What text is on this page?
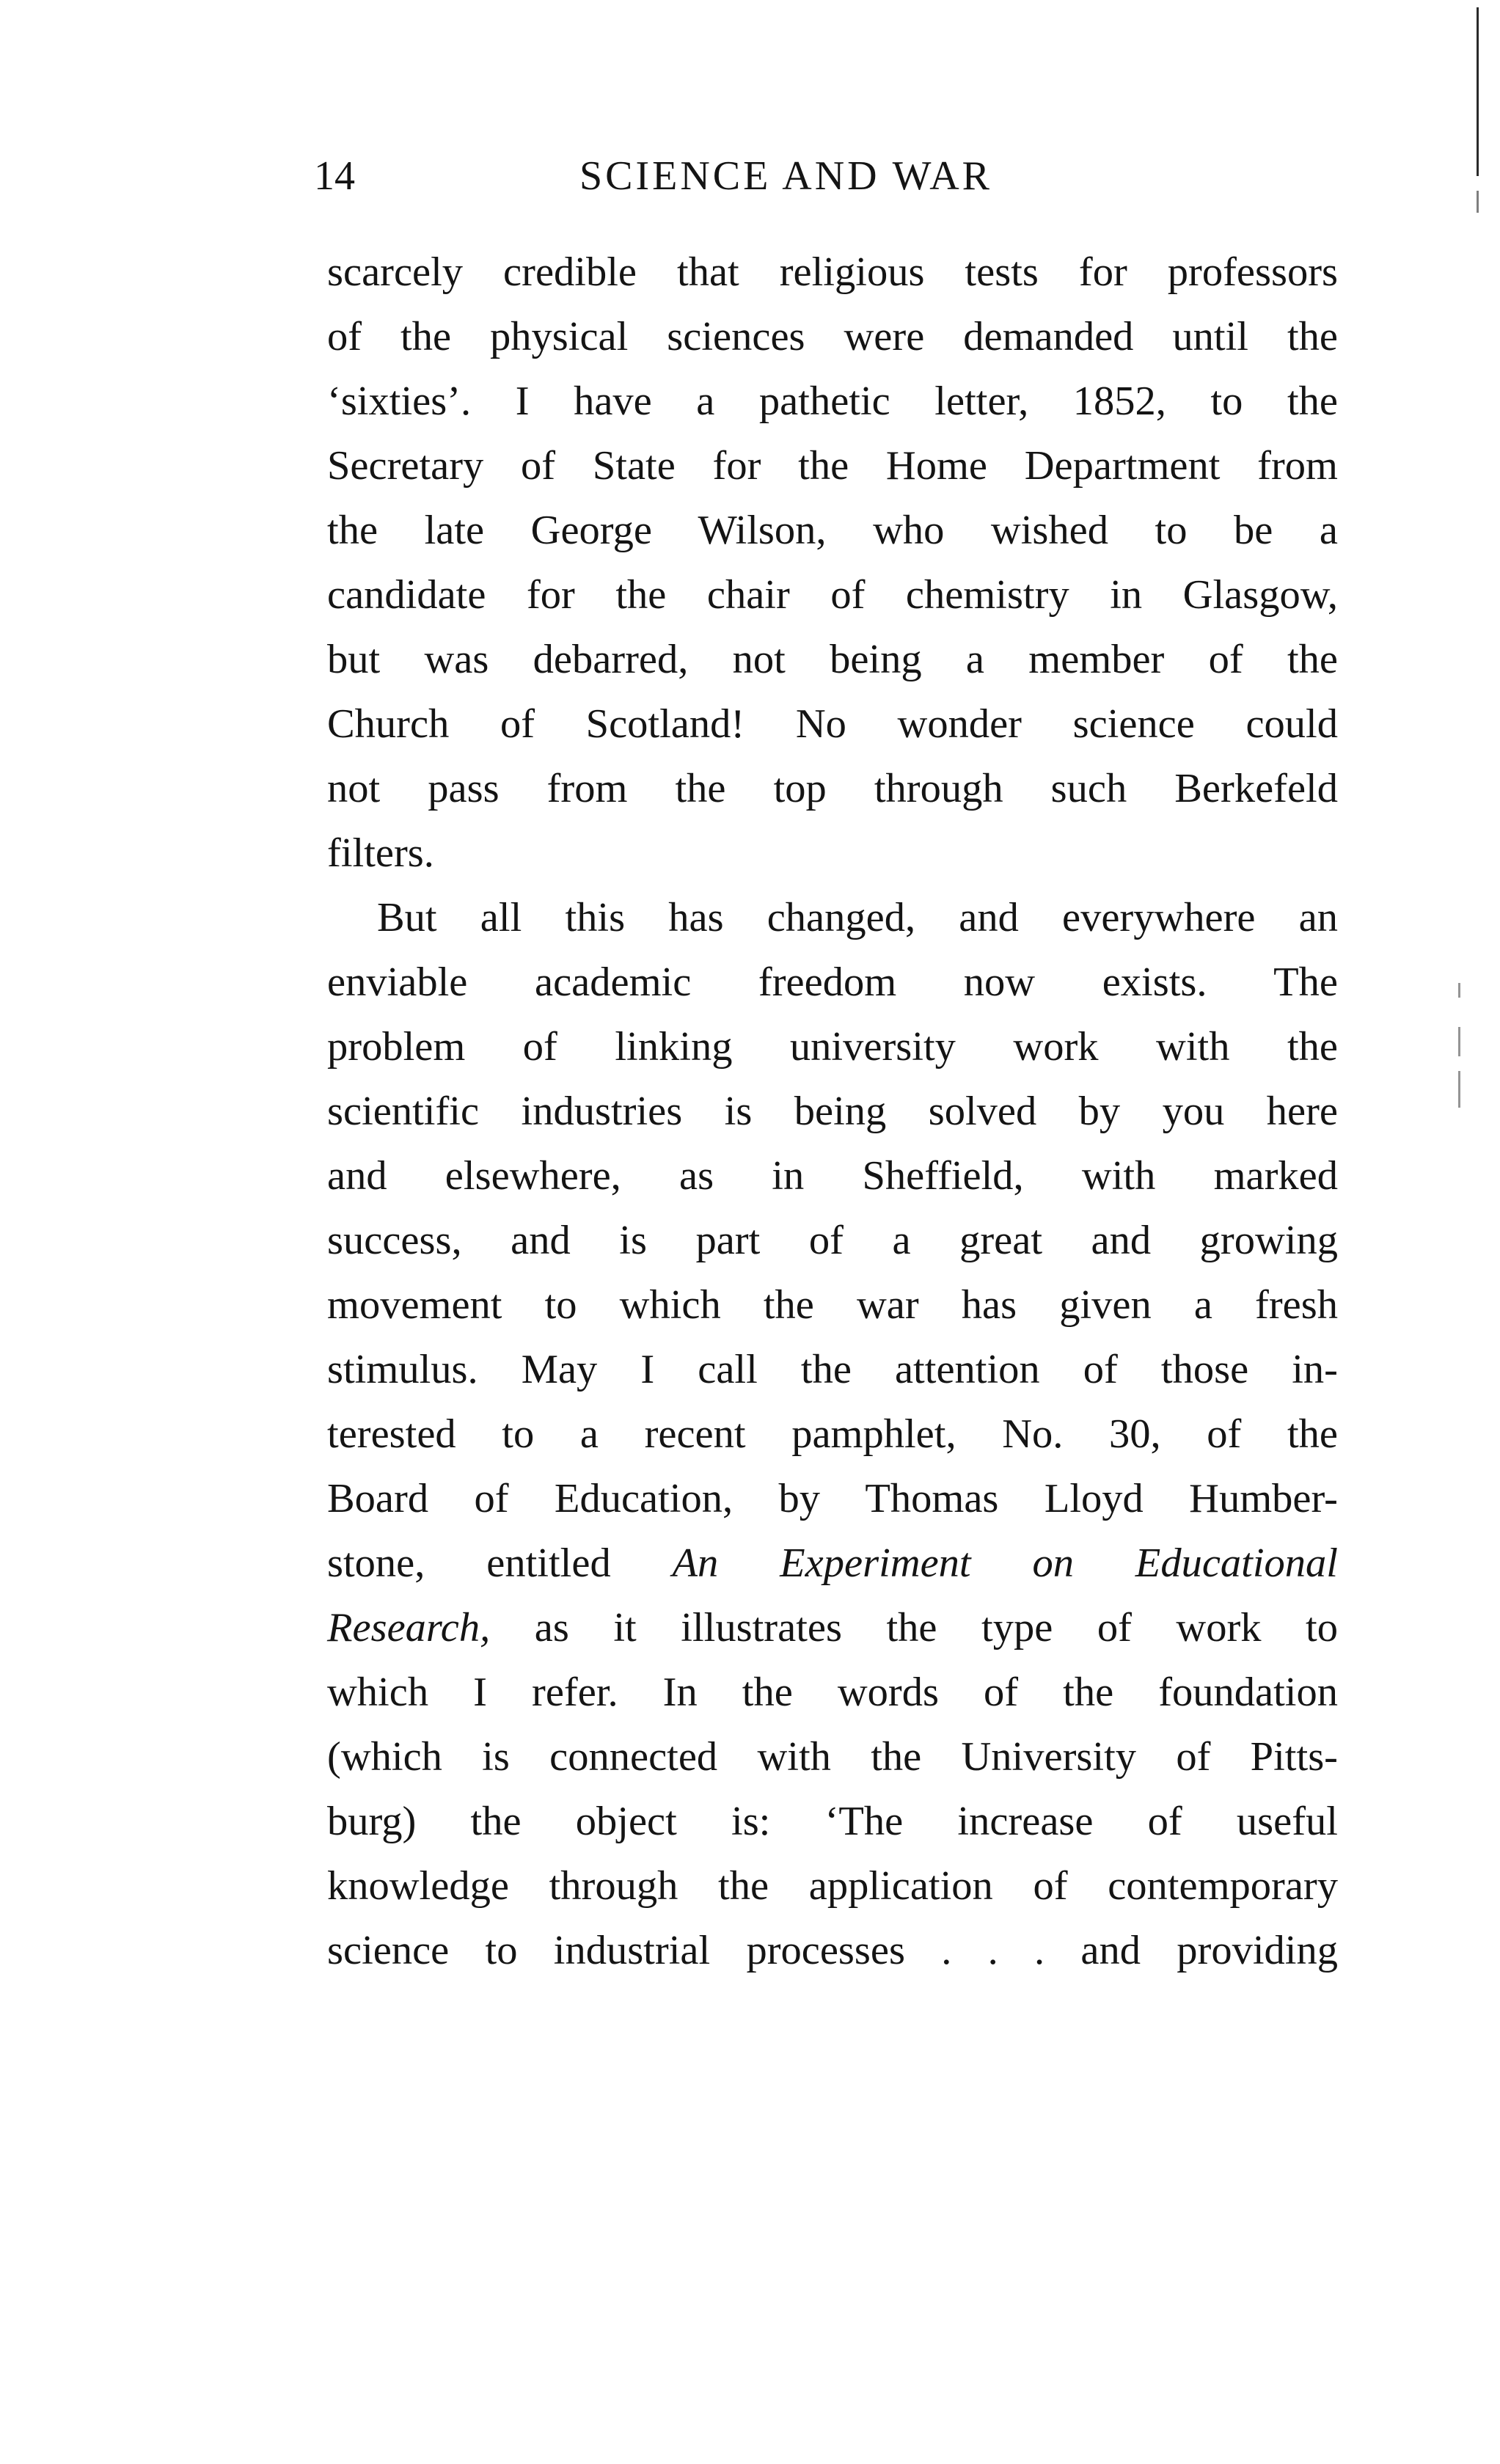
14	SCIENCE AND WAR
scarcely credible that religious tests for professors
of the physical sciences were demanded until the
‘sixties’. I have a pathetic letter, 1852, to the
Secretary of State for the Home Department from
the late George Wilson, who wished to be a
candidate for the chair of chemistry in Glasgow,
but was debarred, not being a member of the
Church of Scotland! No wonder science could
not pass from the top through such Berkefeld
filters.
But all this has changed, and everywhere an
enviable academic freedom now exists. The
problem of linking university work with the
scientific industries is being solved by you here
and elsewhere, as in Sheffield, with marked
success, and is part of a great and growing
movement to which the war has given a fresh
stimulus. May I call the attention of those in-
terested to a recent pamphlet, No. 30, of the
Board of Education, by Thomas Lloyd Humber-
stone, entitled An Experiment on Educational
Research, as it illustrates the type of work to
which I refer. In the words of the foundation
(which is connected with the University of Pitts-
burg) the object is: ‘The increase of useful
knowledge through the application of contemporary
science to industrial processes . . . and providing
